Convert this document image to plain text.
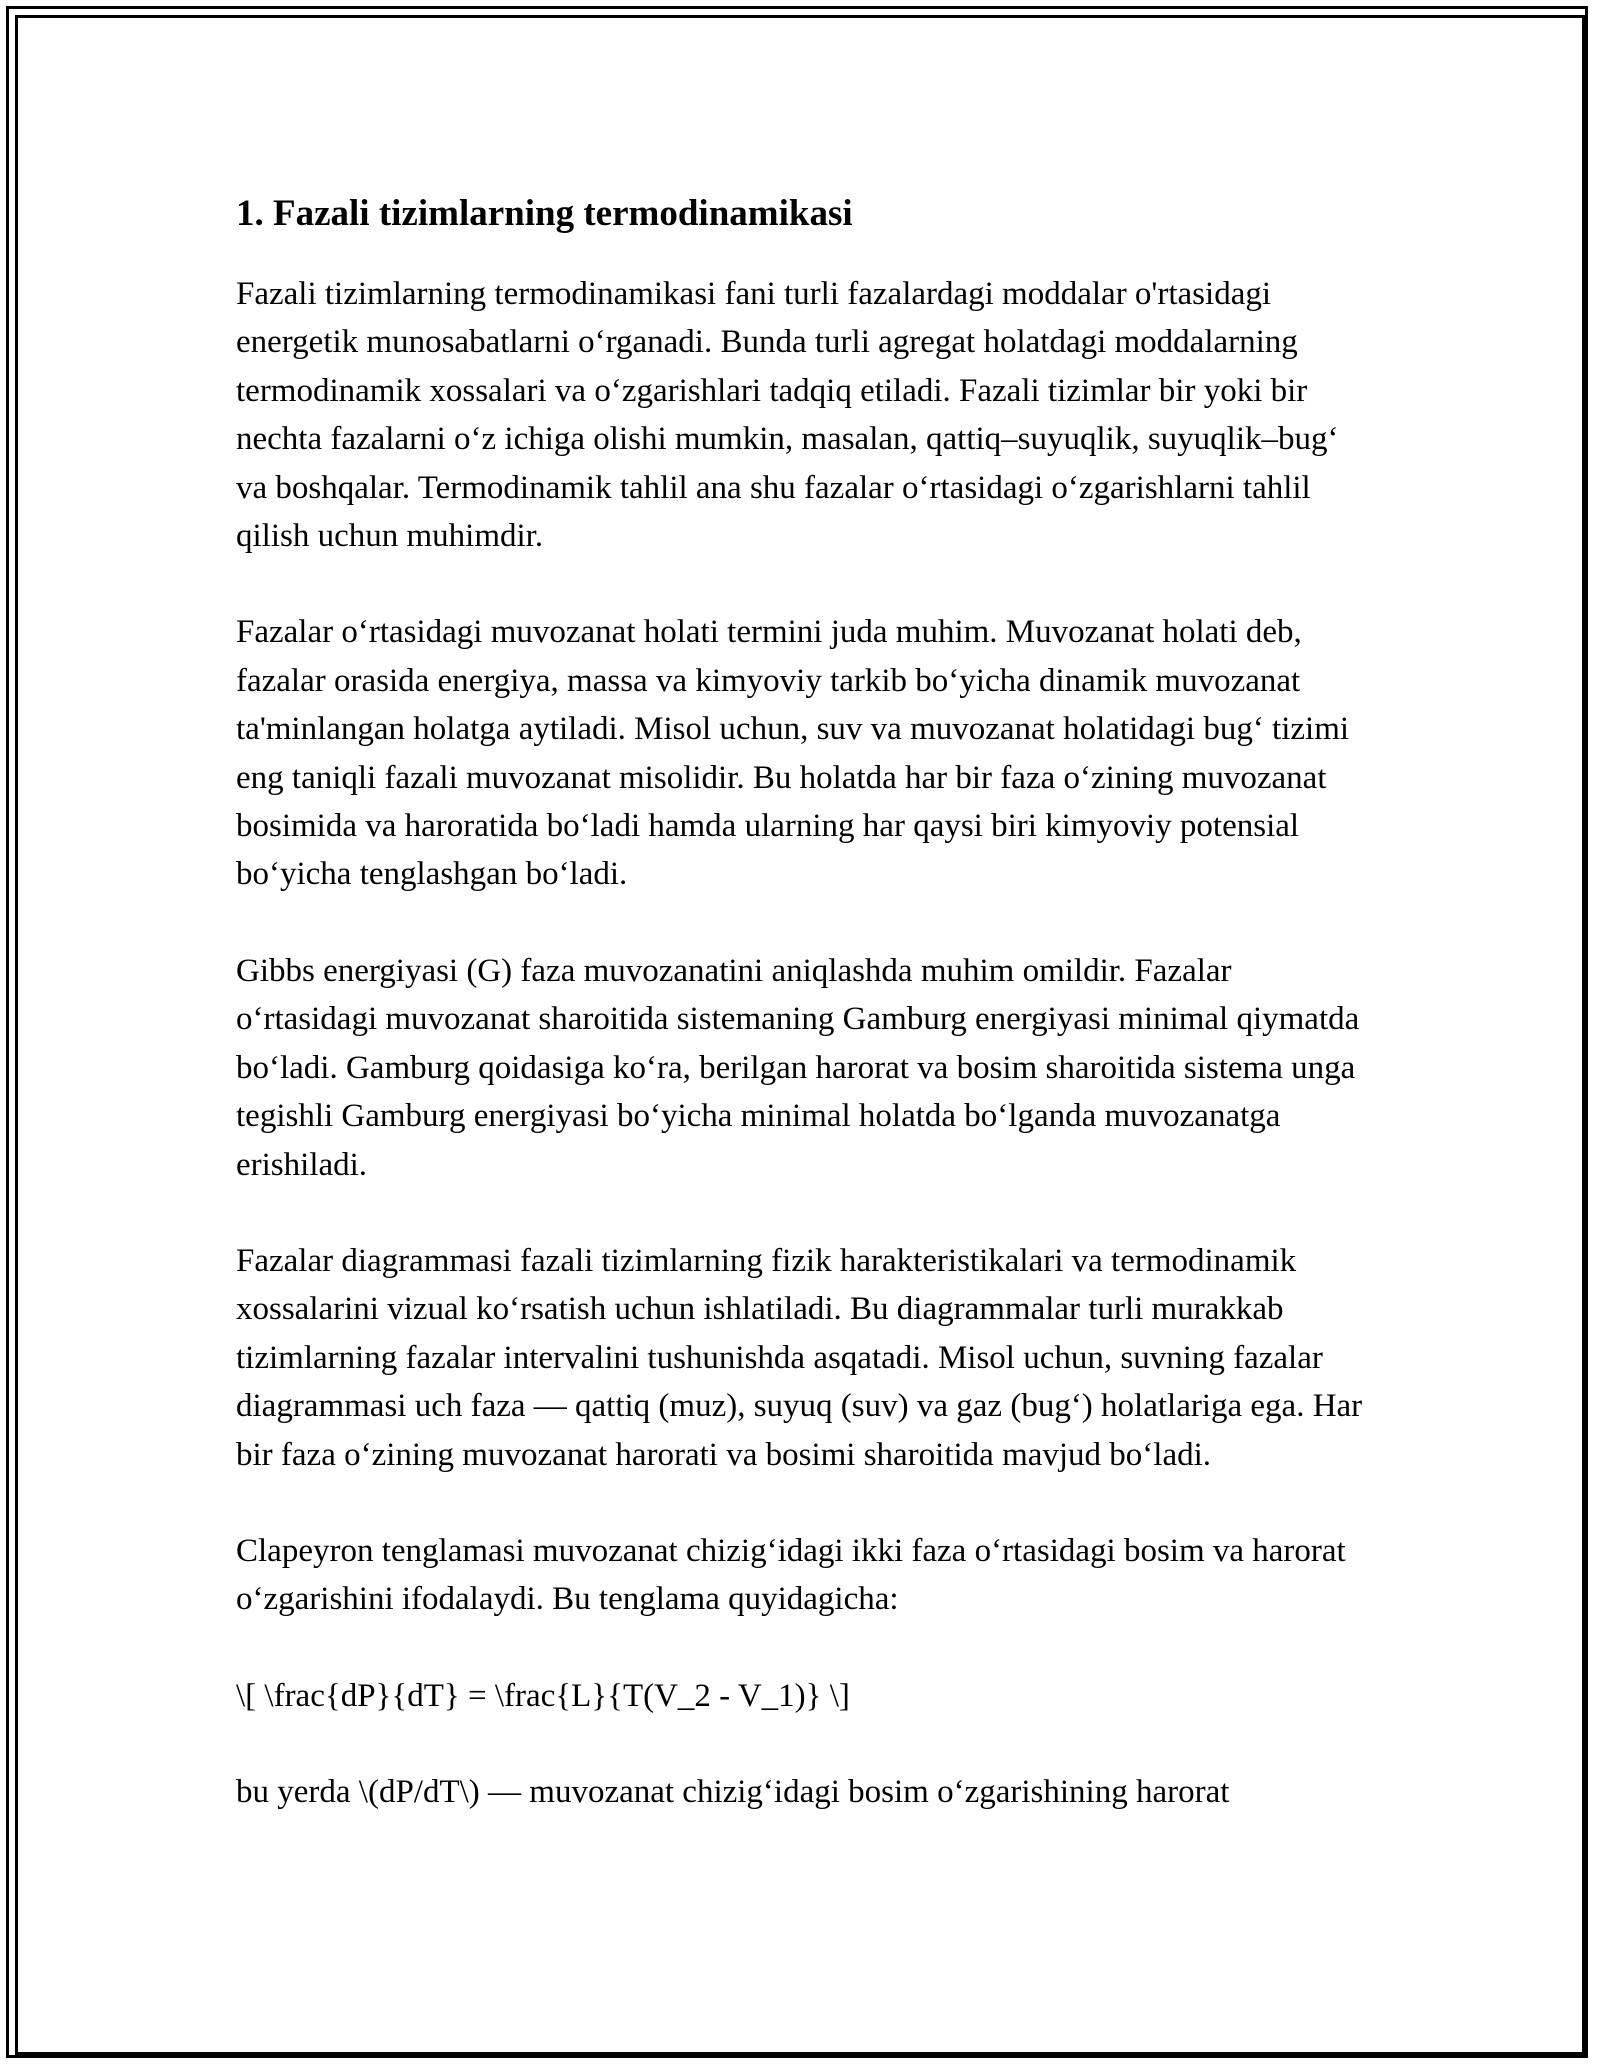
1. Fazali tizimlarning termodinamikasi

Fazali tizimlarning termodinamikasi fani turli fazalardagi moddalar o'rtasidagi energetik munosabatlarni oʻrganadi. Bunda turli agregat holatdagi moddalarning termodinamik xossalari va oʻzgarishlari tadqiq etiladi. Fazali tizimlar bir yoki bir nechta fazalarni oʻz ichiga olishi mumkin, masalan, qattiq–suyuqlik, suyuqlik–bugʻ va boshqalar. Termodinamik tahlil ana shu fazalar oʻrtasidagi oʻzgarishlarni tahlil qilish uchun muhimdir.

Fazalar oʻrtasidagi muvozanat holati termini juda muhim. Muvozanat holati deb, fazalar orasida energiya, massa va kimyoviy tarkib boʻyicha dinamik muvozanat ta'minlangan holatga aytiladi. Misol uchun, suv va muvozanat holatidagi bugʻ tizimi eng taniqli fazali muvozanat misolidir. Bu holatda har bir faza oʻzining muvozanat bosimida va haroratida boʻladi hamda ularning har qaysi biri kimyoviy potensial boʻyicha tenglashgan boʻladi.

Gibbs energiyasi (G) faza muvozanatini aniqlashda muhim omildir. Fazalar oʻrtasidagi muvozanat sharoitida sistemaning Gamburg energiyasi minimal qiymatda boʻladi. Gamburg qoidasiga koʻra, berilgan harorat va bosim sharoitida sistema unga tegishli Gamburg energiyasi boʻyicha minimal holatda boʻlganda muvozanatga erishiladi.

Fazalar diagrammasi fazali tizimlarning fizik harakteristikalari va termodinamik xossalarini vizual koʻrsatish uchun ishlatiladi. Bu diagrammalar turli murakkab tizimlarning fazalar intervalini tushunishda asqatadi. Misol uchun, suvning fazalar diagrammasi uch faza — qattiq (muz), suyuq (suv) va gaz (bugʻ) holatlariga ega. Har bir faza oʻzining muvozanat harorati va bosimi sharoitida mavjud boʻladi.

Clapeyron tenglamasi muvozanat chizigʻidagi ikki faza oʻrtasidagi bosim va harorat oʻzgarishini ifodalaydi. Bu tenglama quyidagicha:

\[ \frac{dP}{dT} = \frac{L}{T(V_2 - V_1)} \]

bu yerda \(dP/dT\) — muvozanat chizigʻidagi bosim oʻzgarishining harorat
